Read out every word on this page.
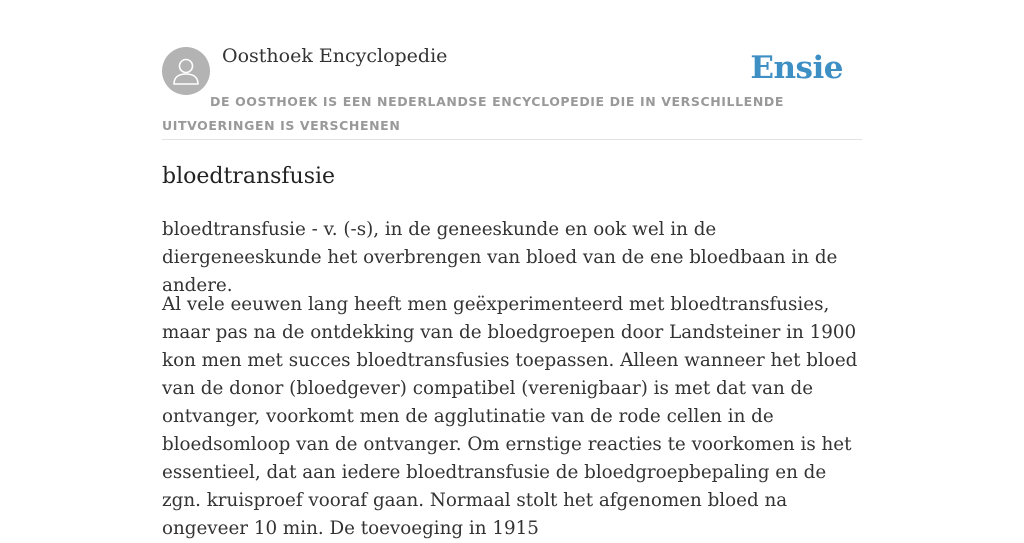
Oosthoek Encyclopedie	Ensie
DE OOSTHOEK IS EEN NEDERLANDSE ENCYCLOPEDIE DIE IN VERSCHILLENDE UITVOERINGEN IS VERSCHENEN
bloedtransfusie

bloedtransfusie - v. (-s), in de geneeskunde en ook wel in de diergeneeskunde het overbrengen van bloed van de ene bloedbaan in de andere.

Al vele eeuwen lang heeft men geëxperimenteerd met bloedtransfusies, maar pas na de ontdekking van de bloedgroepen door Landsteiner in 1900 kon men met succes bloedtransfusies toepassen. Alleen wanneer het bloed van de donor (bloedgever) compatibel (verenigbaar) is met dat van de ontvanger, voorkomt men de agglutinatie van de rode cellen in de bloedsomloop van de ontvanger. Om ernstige reacties te voorkomen is het essentieel, dat aan iedere bloedtransfusie de bloedgroepbepaling en de zgn. kruisproef vooraf gaan. Normaal stolt het afgenomen bloed na ongeveer 10 min. De toevoeging in 1915
